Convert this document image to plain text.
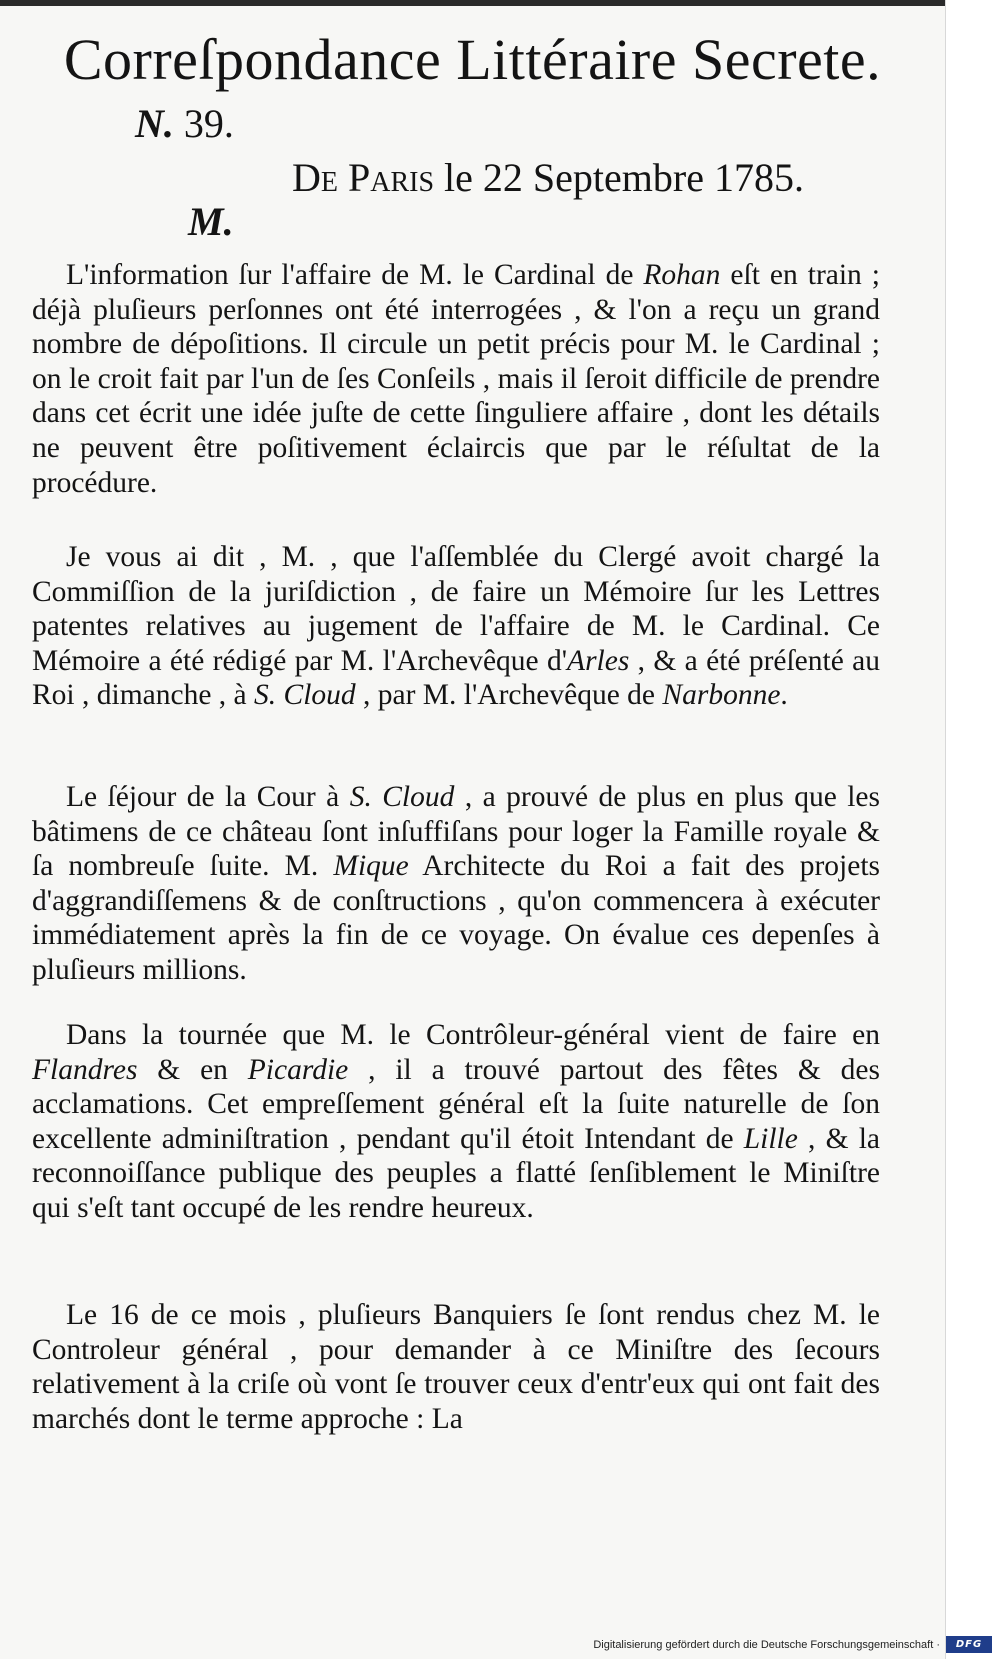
Correſpondance Littéraire Secrete.
N. 39.
De Paris le 22 Septembre 1785.
M.

L'information ſur l'affaire de M. le Cardinal de Rohan eſt en train ; déjà pluſieurs perſonnes ont été interrogées , & l'on a reçu un grand nombre de dépoſitions. Il circule un petit précis pour M. le Cardinal ; on le croit fait par l'un de ſes Conſeils , mais il ſeroit difficile de prendre dans cet écrit une idée juſte de cette ſinguliere affaire , dont les détails ne peuvent être poſitivement éclaircis que par le réſultat de la procédure.

Je vous ai dit , M. , que l'aſſemblée du Clergé avoit chargé la Commiſſion de la juriſdiction , de faire un Mémoire ſur les Lettres patentes relatives au jugement de l'affaire de M. le Cardinal. Ce Mémoire a été rédigé par M. l'Archevêque d'Arles , & a été préſenté au Roi , dimanche , à S. Cloud , par M. l'Archevêque de Narbonne.

Le ſéjour de la Cour à S. Cloud , a prouvé de plus en plus que les bâtimens de ce château ſont inſuffiſans pour loger la Famille royale & ſa nombreuſe ſuite. M. Mique Architecte du Roi a fait des projets d'aggrandiſſemens & de conſtructions , qu'on commencera à exécuter immédiatement après la fin de ce voyage. On évalue ces depenſes à pluſieurs millions.

Dans la tournée que M. le Contrôleur-général vient de faire en Flandres & en Picardie , il a trouvé partout des fêtes & des acclamations. Cet empreſſement général eſt la ſuite naturelle de ſon excellente adminiſtration , pendant qu'il étoit Intendant de Lille , & la reconnoiſſance publique des peuples a flatté ſenſiblement le Miniſtre qui s'eſt tant occupé de les rendre heureux.

Le 16 de ce mois , pluſieurs Banquiers ſe ſont rendus chez M. le Controleur général , pour demander à ce Miniſtre des ſecours relativement à la criſe où vont ſe trouver ceux d'entr'eux qui ont fait des marchés dont le terme approche : La

Digitalisierung gefördert durch die Deutsche Forschungsgemeinschaft ·	DFG
